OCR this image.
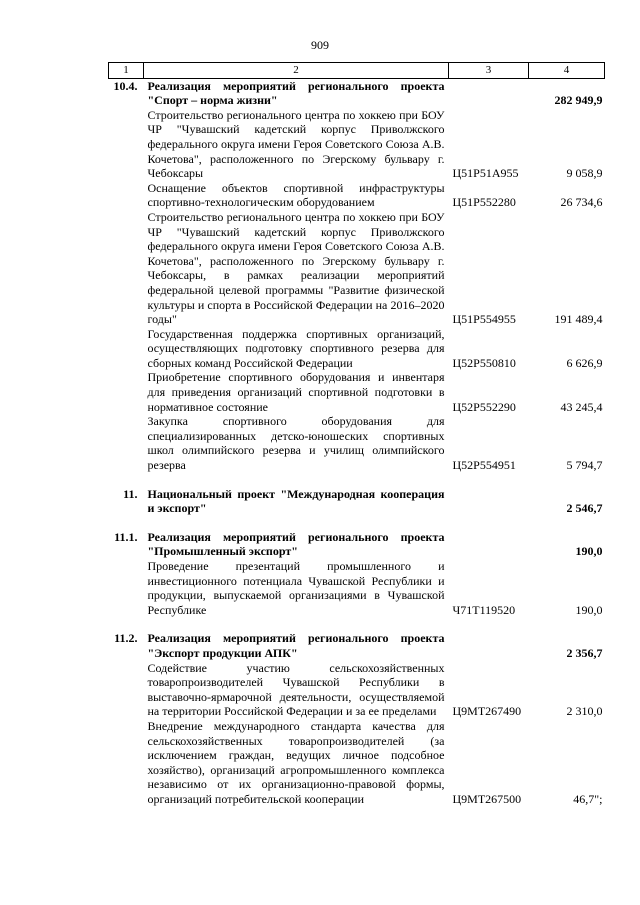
909
1	2	3	4
10.4.	Реализация мероприятий регионального проекта "Спорт – норма жизни"		282 949,9
	Строительство регионального центра по хоккею при БОУ ЧР "Чувашский кадетский корпус Приволжского федерального округа имени Героя Советского Союза А.В. Кочетова", расположенного по Эгерскому бульвару г. Чебоксары	Ц51P51А955	9 058,9
	Оснащение объектов спортивной инфраструктуры спортивно-технологическим оборудованием	Ц51P552280	26 734,6
	Строительство регионального центра по хоккею при БОУ ЧР "Чувашский кадетский корпус Приволжского федерального округа имени Героя Советского Союза А.В. Кочетова", расположенного по Эгерскому бульвару г. Чебоксары, в рамках реализации мероприятий федеральной целевой программы "Развитие физической культуры и спорта в Российской Федерации на 2016–2020 годы"	Ц51P554955	191 489,4
	Государственная поддержка спортивных организаций, осуществляющих подготовку спортивного резерва для сборных команд Российской Федерации	Ц52P550810	6 626,9
	Приобретение спортивного оборудования и инвентаря для приведения организаций спортивной подготовки в нормативное состояние	Ц52P552290	43 245,4
	Закупка спортивного оборудования для специализированных детско-юношеских спортивных школ олимпийского резерва и училищ олимпийского резерва	Ц52P554951	5 794,7

11.	Национальный проект "Международная кооперация и экспорт"		2 546,7

11.1.	Реализация мероприятий регионального проекта "Промышленный экспорт"		190,0
	Проведение презентаций промышленного и инвестиционного потенциала Чувашской Республики и продукции, выпускаемой организациями в Чувашской Республике	Ч71T119520	190,0

11.2.	Реализация мероприятий регионального проекта "Экспорт продукции АПК"		2 356,7
	Содействие участию сельскохозяйственных товаропроизводителей Чувашской Республики в выставочно-ярмарочной деятельности, осуществляемой на территории Российской Федерации и за ее пределами	Ц9МТ267490	2 310,0
	Внедрение международного стандарта качества для сельскохозяйственных товаропроизводителей (за исключением граждан, ведущих личное подсобное хозяйство), организаций агропромышленного комплекса независимо от их организационно-правовой формы, организаций потребительской кооперации	Ц9МТ267500	46,7";
